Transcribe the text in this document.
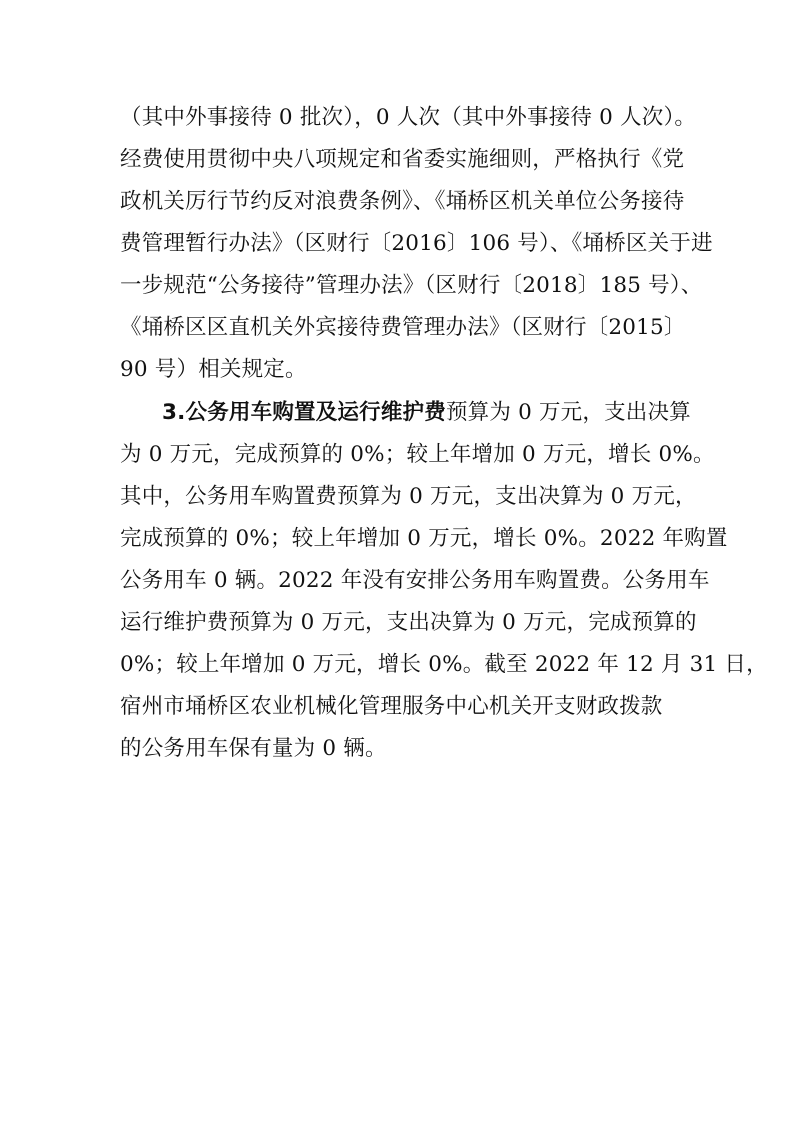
（其中外事接待 0 批次），0 人次（其中外事接待 0 人次）。
经费使用贯彻中央八项规定和省委实施细则，严格执行《党
政机关厉行节约反对浪费条例》、《埇桥区机关单位公务接待
费管理暂行办法》（区财行〔2016〕106 号）、《埇桥区关于进
一步规范“公务接待”管理办法》（区财行〔2018〕185 号）、
《埇桥区区直机关外宾接待费管理办法》（区财行〔2015〕
90 号）相关规定。
3.公务用车购置及运行维护费预算为 0 万元，支出决算
为 0 万元，完成预算的 0%；较上年增加 0 万元，增长 0%。
其中，公务用车购置费预算为 0 万元，支出决算为 0 万元，
完成预算的 0%；较上年增加 0 万元，增长 0%。2022 年购置
公务用车 0 辆。2022 年没有安排公务用车购置费。公务用车
运行维护费预算为 0 万元，支出决算为 0 万元，完成预算的
0%；较上年增加 0 万元，增长 0%。截至 2022 年 12 月 31 日，
宿州市埇桥区农业机械化管理服务中心机关开支财政拨款
的公务用车保有量为 0 辆。
